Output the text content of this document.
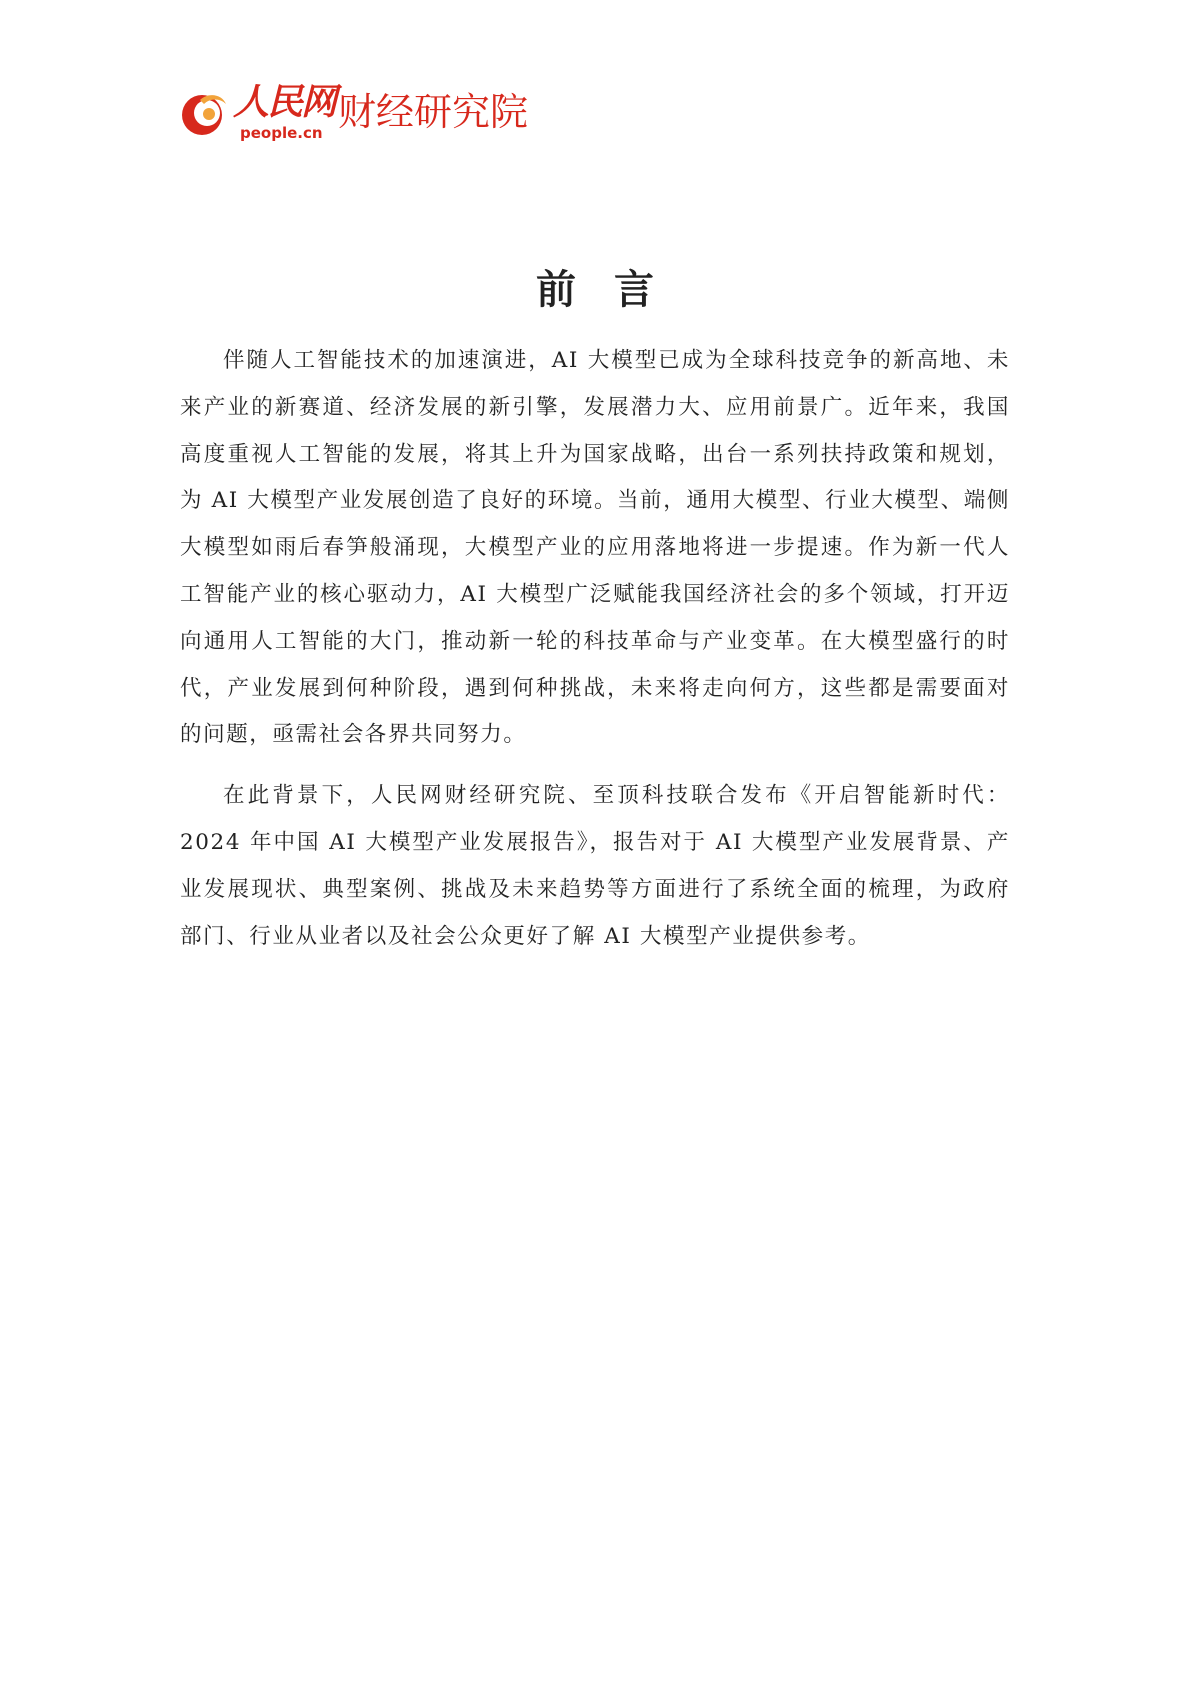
人民网
people.cn 财经研究院
前言

伴随人工智能技术的加速演进，AI 大模型已成为全球科技竞争的新高地、未来产业的新赛道、经济发展的新引擎，发展潜力大、应用前景广。近年来，我国高度重视人工智能的发展，将其上升为国家战略，出台一系列扶持政策和规划，为 AI 大模型产业发展创造了良好的环境。当前，通用大模型、行业大模型、端侧大模型如雨后春笋般涌现，大模型产业的应用落地将进一步提速。作为新一代人工智能产业的核心驱动力，AI 大模型广泛赋能我国经济社会的多个领域，打开迈向通用人工智能的大门，推动新一轮的科技革命与产业变革。在大模型盛行的时代，产业发展到何种阶段，遇到何种挑战，未来将走向何方，这些都是需要面对的问题，亟需社会各界共同努力。

在此背景下，人民网财经研究院、至顶科技联合发布《开启智能新时代：2024 年中国 AI 大模型产业发展报告》，报告对于 AI 大模型产业发展背景、产业发展现状、典型案例、挑战及未来趋势等方面进行了系统全面的梳理，为政府部门、行业从业者以及社会公众更好了解 AI 大模型产业提供参考。
